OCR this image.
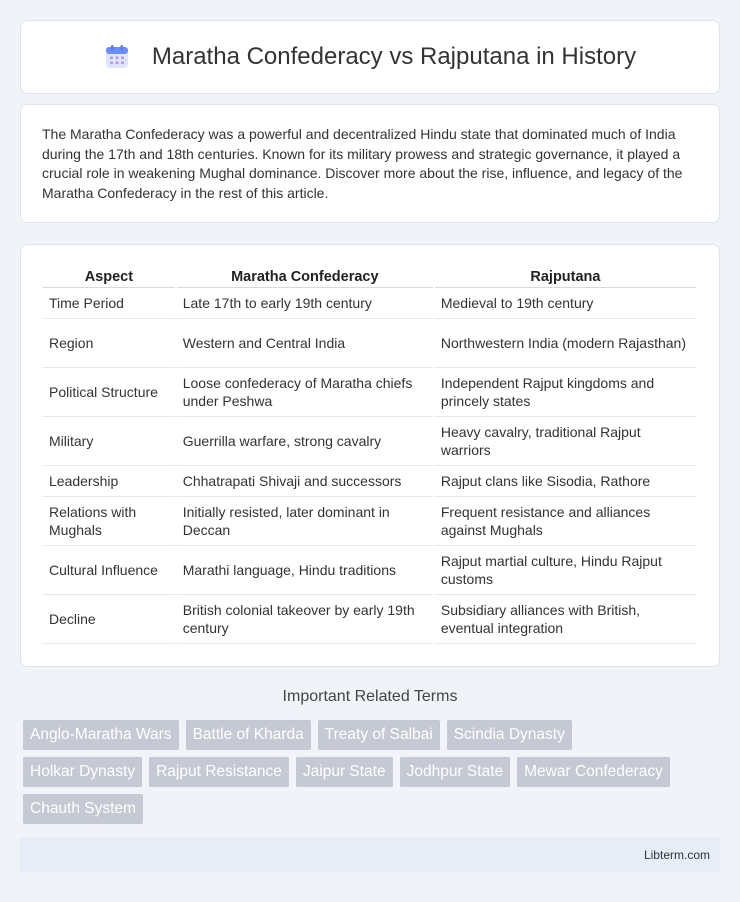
Maratha Confederacy vs Rajputana in History

The Maratha Confederacy was a powerful and decentralized Hindu state that dominated much of India during the 17th and 18th centuries. Known for its military prowess and strategic governance, it played a crucial role in weakening Mughal dominance. Discover more about the rise, influence, and legacy of the Maratha Confederacy in the rest of this article.

Aspect	Maratha Confederacy	Rajputana
Time Period	Late 17th to early 19th century	Medieval to 19th century
Region	Western and Central India	Northwestern India (modern Rajasthan)
Political Structure	Loose confederacy of Maratha chiefs under Peshwa	Independent Rajput kingdoms and princely states
Military	Guerrilla warfare, strong cavalry	Heavy cavalry, traditional Rajput warriors
Leadership	Chhatrapati Shivaji and successors	Rajput clans like Sisodia, Rathore
Relations with Mughals	Initially resisted, later dominant in Deccan	Frequent resistance and alliances against Mughals
Cultural Influence	Marathi language, Hindu traditions	Rajput martial culture, Hindu Rajput customs
Decline	British colonial takeover by early 19th century	Subsidiary alliances with British, eventual integration
Important Related Terms
Anglo-Maratha Wars	Battle of Kharda	Treaty of Salbai	Scindia Dynasty
Holkar Dynasty	Rajput Resistance	Jaipur State	Jodhpur State	Mewar Confederacy
Chauth System
Libterm.com
